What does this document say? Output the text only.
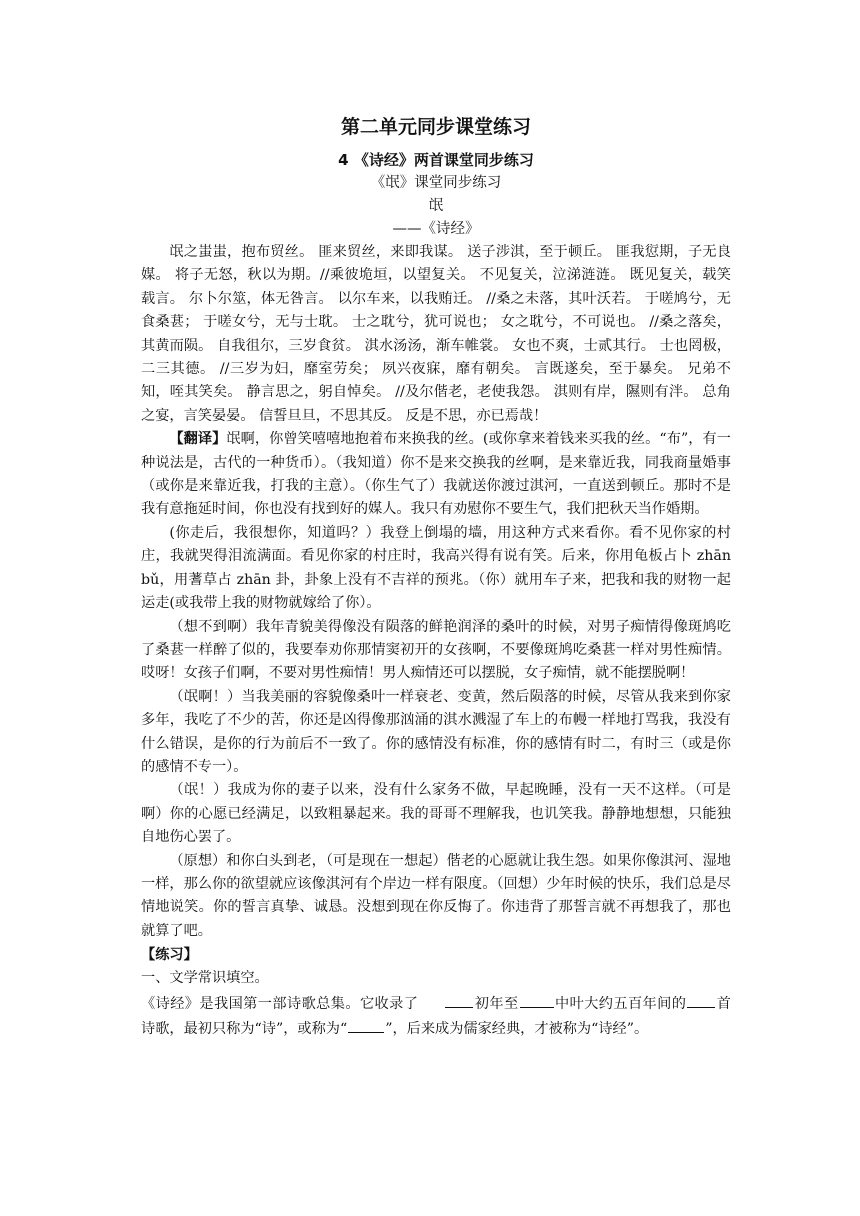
第二单元同步课堂练习
4 《诗经》两首课堂同步练习

《氓》课堂同步练习

氓

——《诗经》

氓之蚩蚩，抱布贸丝。 匪来贸丝，来即我谋。 送子涉淇，至于顿丘。 匪我愆期，子无良媒。 将子无怒，秋以为期。//乘彼垝垣，以望复关。 不见复关，泣涕涟涟。 既见复关，载笑载言。 尔卜尔筮，体无咎言。 以尔车来，以我贿迁。 //桑之未落，其叶沃若。 于嗟鸠兮，无食桑葚； 于嗟女兮，无与士耽。 士之耽兮，犹可说也； 女之耽兮，不可说也。 //桑之落矣，其黄而陨。 自我徂尔，三岁食贫。 淇水汤汤，渐车帷裳。 女也不爽，士贰其行。 士也罔极，二三其德。 //三岁为妇，靡室劳矣； 夙兴夜寐，靡有朝矣。 言既遂矣，至于暴矣。 兄弟不知，咥其笑矣。 静言思之，躬自悼矣。 //及尔偕老，老使我怨。 淇则有岸，隰则有泮。 总角之宴，言笑晏晏。 信誓旦旦，不思其反。 反是不思，亦已焉哉！

【翻译】氓啊，你曾笑嘻嘻地抱着布来换我的丝。(或你拿来着钱来买我的丝。“布”，有一种说法是，古代的一种货币）。（我知道）你不是来交换我的丝啊，是来靠近我，同我商量婚事（或你是来靠近我，打我的主意）。（你生气了）我就送你渡过淇河，一直送到顿丘。那时不是我有意拖延时间，你也没有找到好的媒人。我只有劝慰你不要生气，我们把秋天当作婚期。

(你走后，我很想你，知道吗？）我登上倒塌的墙，用这种方式来看你。看不见你家的村庄，我就哭得泪流满面。看见你家的村庄时，我高兴得有说有笑。后来，你用龟板占卜 zhān　bǔ，用蓍草占 zhān 卦，卦象上没有不吉祥的预兆。（你）就用车子来，把我和我的财物一起运走(或我带上我的财物就嫁给了你）。

（想不到啊）我年青貌美得像没有陨落的鲜艳润泽的桑叶的时候，对男子痴情得像斑鸠吃了桑葚一样醉了似的，我要奉劝你那情窦初开的女孩啊，不要像斑鸠吃桑葚一样对男性痴情。哎呀！女孩子们啊，不要对男性痴情！男人痴情还可以摆脱，女子痴情，就不能摆脱啊！

（氓啊！）当我美丽的容貌像桑叶一样衰老、变黄，然后陨落的时候，尽管从我来到你家多年，我吃了不少的苦，你还是凶得像那汹涌的淇水溅湿了车上的布幔一样地打骂我，我没有什么错误，是你的行为前后不一致了。你的感情没有标准，你的感情有时二，有时三（或是你的感情不专一）。

（氓！）我成为你的妻子以来，没有什么家务不做，早起晚睡，没有一天不这样。（可是啊）你的心愿已经满足，以致粗暴起来。我的哥哥不理解我，也讥笑我。静静地想想，只能独自地伤心罢了。

（原想）和你白头到老，（可是现在一想起）偕老的心愿就让我生怨。如果你像淇河、湿地一样，那么你的欲望就应该像淇河有个岸边一样有限度。（回想）少年时候的快乐，我们总是尽情地说笑。你的誓言真挚、诚恳。没想到现在你反悔了。你违背了那誓言就不再想我了，那也就算了吧。

【练习】

一、文学常识填空。

《诗经》是我国第一部诗歌总集。它收录了	初年至	中叶大约五百年间的 首诗歌，最初只称为“诗”，或称为“	”，后来成为儒家经典，才被称为“诗经”。
